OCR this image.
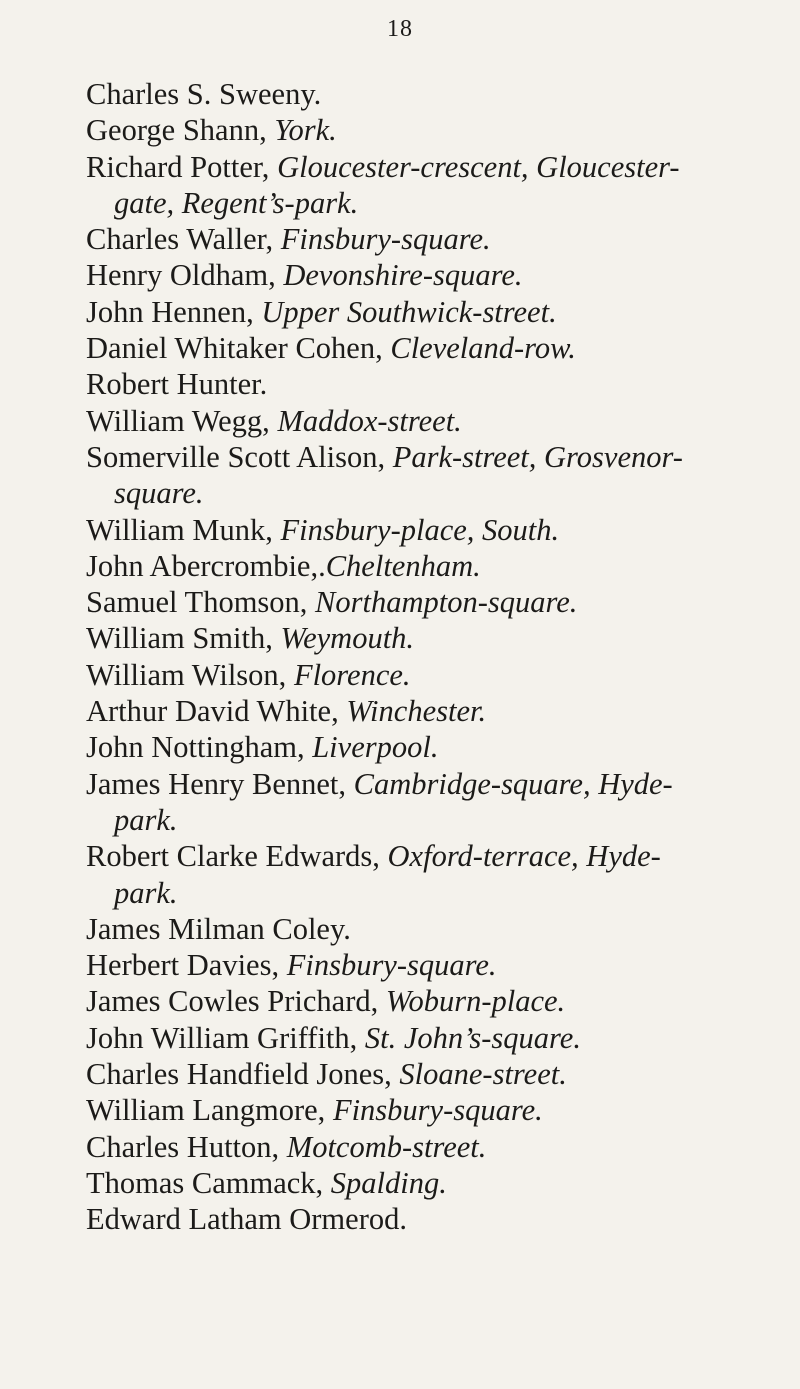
18
Charles S. Sweeny.
George Shann, York.
Richard Potter, Gloucester-crescent, Gloucester-
gate, Regent’s-park.
Charles Waller, Finsbury-square.
Henry Oldham, Devonshire-square.
John Hennen, Upper Southwick-street.
Daniel Whitaker Cohen, Cleveland-row.
Robert Hunter.
William Wegg, Maddox-street.
Somerville Scott Alison, Park-street, Grosvenor-
square.
William Munk, Finsbury-place, South.
John Abercrombie,.Cheltenham.
Samuel Thomson, Northampton-square.
William Smith, Weymouth.
William Wilson, Florence.
Arthur David White, Winchester.
John Nottingham, Liverpool.
James Henry Bennet, Cambridge-square, Hyde-
park.
Robert Clarke Edwards, Oxford-terrace, Hyde-
park.
James Milman Coley.
Herbert Davies, Finsbury-square.
James Cowles Prichard, Woburn-place.
John William Griffith, St. John’s-square.
Charles Handfield Jones, Sloane-street.
William Langmore, Finsbury-square.
Charles Hutton, Motcomb-street.
Thomas Cammack, Spalding.
Edward Latham Ormerod.
